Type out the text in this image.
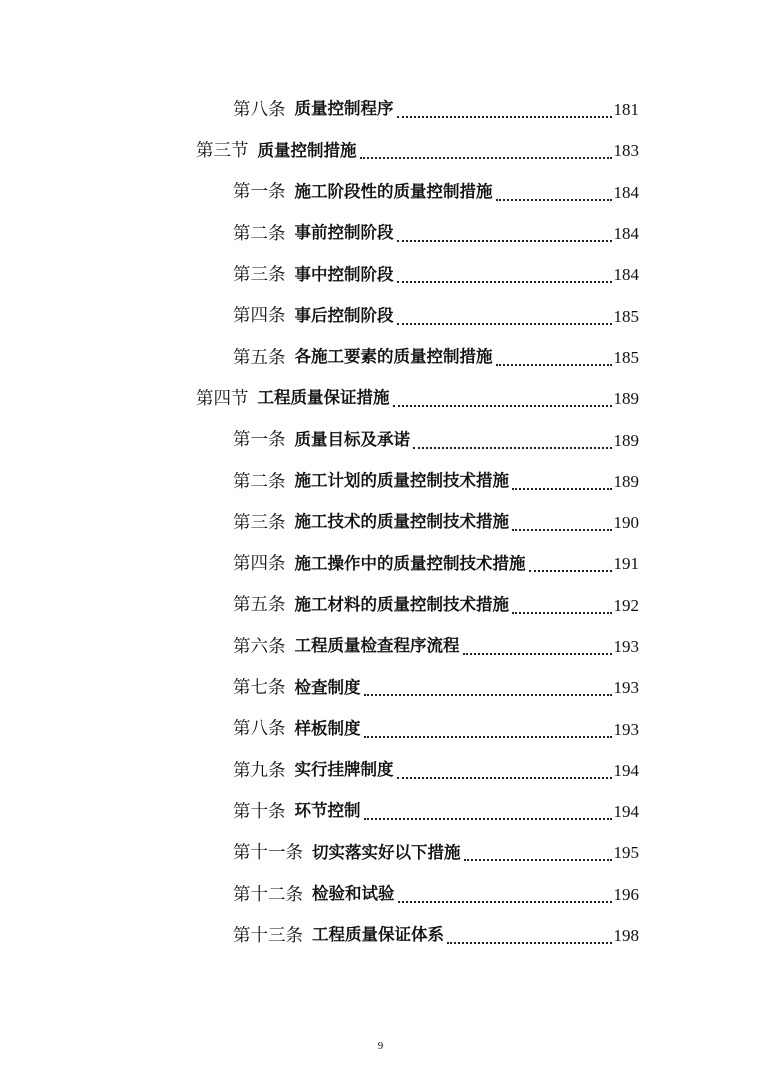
第八条 质量控制程序	181
第三节 质量控制措施	183
第一条 施工阶段性的质量控制措施	184
第二条 事前控制阶段	184
第三条 事中控制阶段	184
第四条 事后控制阶段	185
第五条 各施工要素的质量控制措施	185
第四节 工程质量保证措施	189
第一条 质量目标及承诺	189
第二条 施工计划的质量控制技术措施	189
第三条 施工技术的质量控制技术措施	190
第四条 施工操作中的质量控制技术措施	191
第五条 施工材料的质量控制技术措施	192
第六条 工程质量检查程序流程	193
第七条 检查制度	193
第八条 样板制度	193
第九条 实行挂牌制度	194
第十条 环节控制	194
第十一条 切实落实好以下措施	195
第十二条 检验和试验	196
第十三条 工程质量保证体系	198
9
